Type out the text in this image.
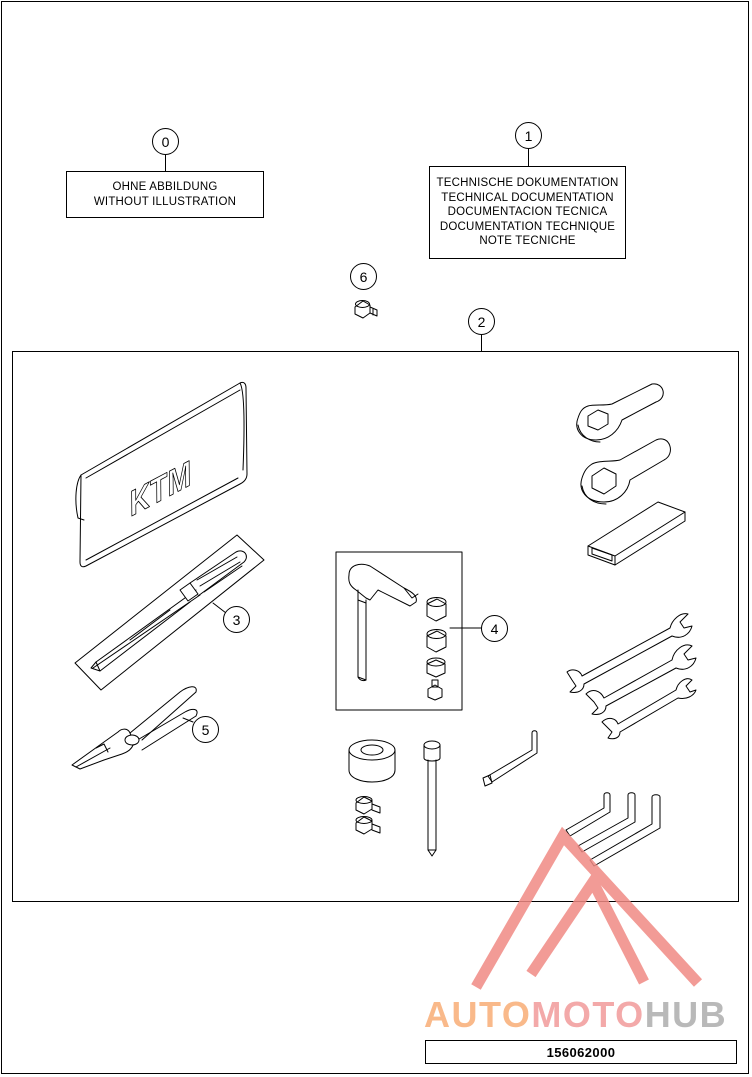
0
OHNE ABBILDUNG
WITHOUT ILLUSTRATION
1
TECHNISCHE DOKUMENTATION
TECHNICAL DOCUMENTATION
DOCUMENTACION TECNICA
DOCUMENTATION TECHNIQUE
NOTE TECNICHE
6
2
KTM
3
4
5
AUTOMOTOHUB
156062000
